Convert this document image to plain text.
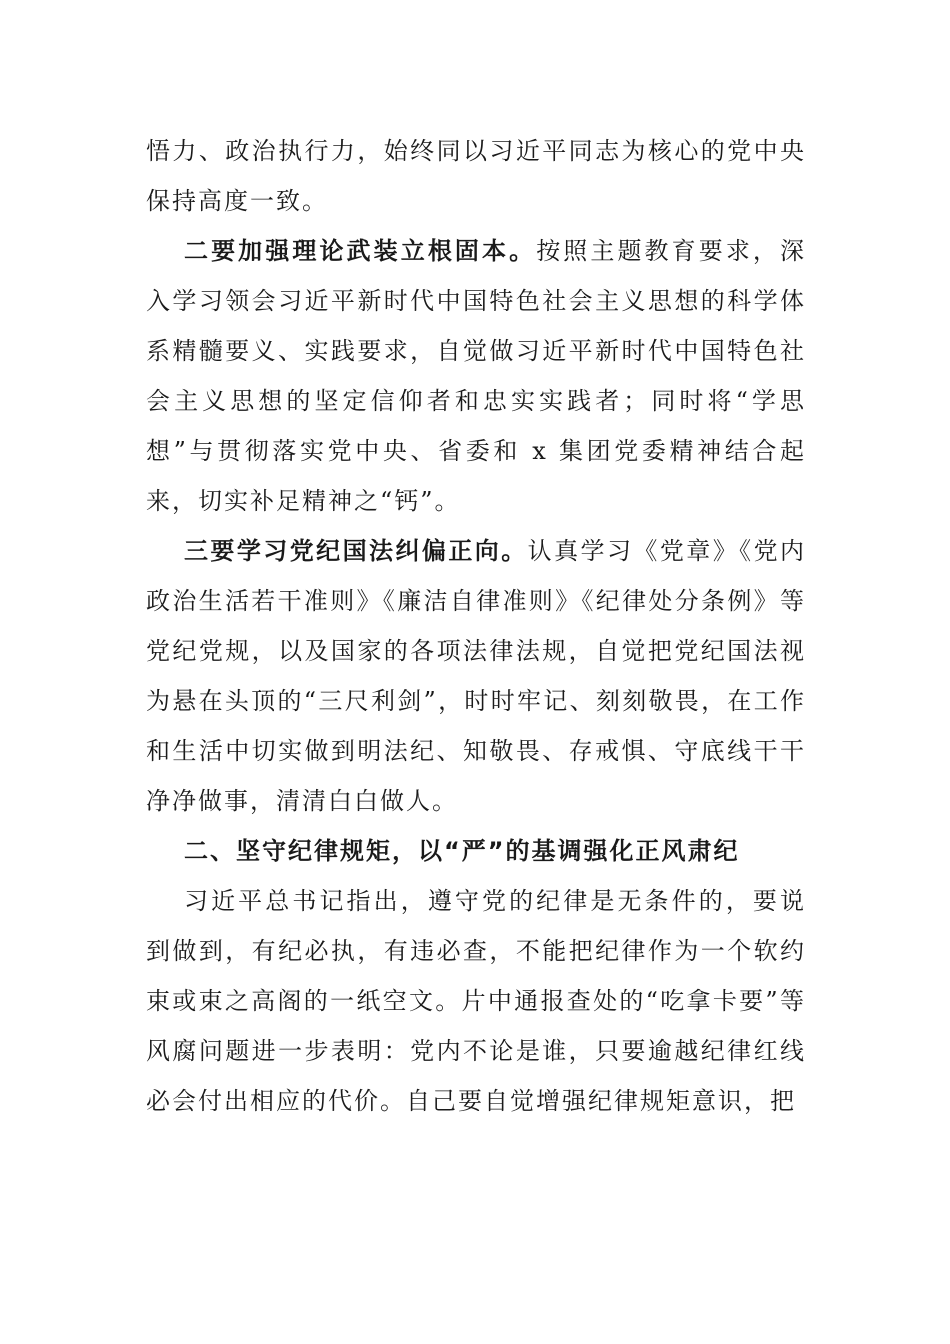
悟力、政治执行力，始终同以习近平同志为核心的党中央保持高度一致。

二要加强理论武装立根固本。按照主题教育要求，深入学习领会习近平新时代中国特色社会主义思想的科学体系精髓要义、实践要求，自觉做习近平新时代中国特色社会主义思想的坚定信仰者和忠实实践者；同时将“学思想”与贯彻落实党中央、省委和 x 集团党委精神结合起来，切实补足精神之“钙”。

三要学习党纪国法纠偏正向。认真学习《党章》《党内政治生活若干准则》《廉洁自律准则》《纪律处分条例》等党纪党规，以及国家的各项法律法规，自觉把党纪国法视为悬在头顶的“三尺利剑”，时时牢记、刻刻敬畏，在工作和生活中切实做到明法纪、知敬畏、存戒惧、守底线干干净净做事，清清白白做人。

二、坚守纪律规矩，以“严”的基调强化正风肃纪

习近平总书记指出，遵守党的纪律是无条件的，要说到做到，有纪必执，有违必查，不能把纪律作为一个软约束或束之高阁的一纸空文。片中通报查处的“吃拿卡要”等风腐问题进一步表明：党内不论是谁，只要逾越纪律红线必会付出相应的代价。自己要自觉增强纪律规矩意识，把
